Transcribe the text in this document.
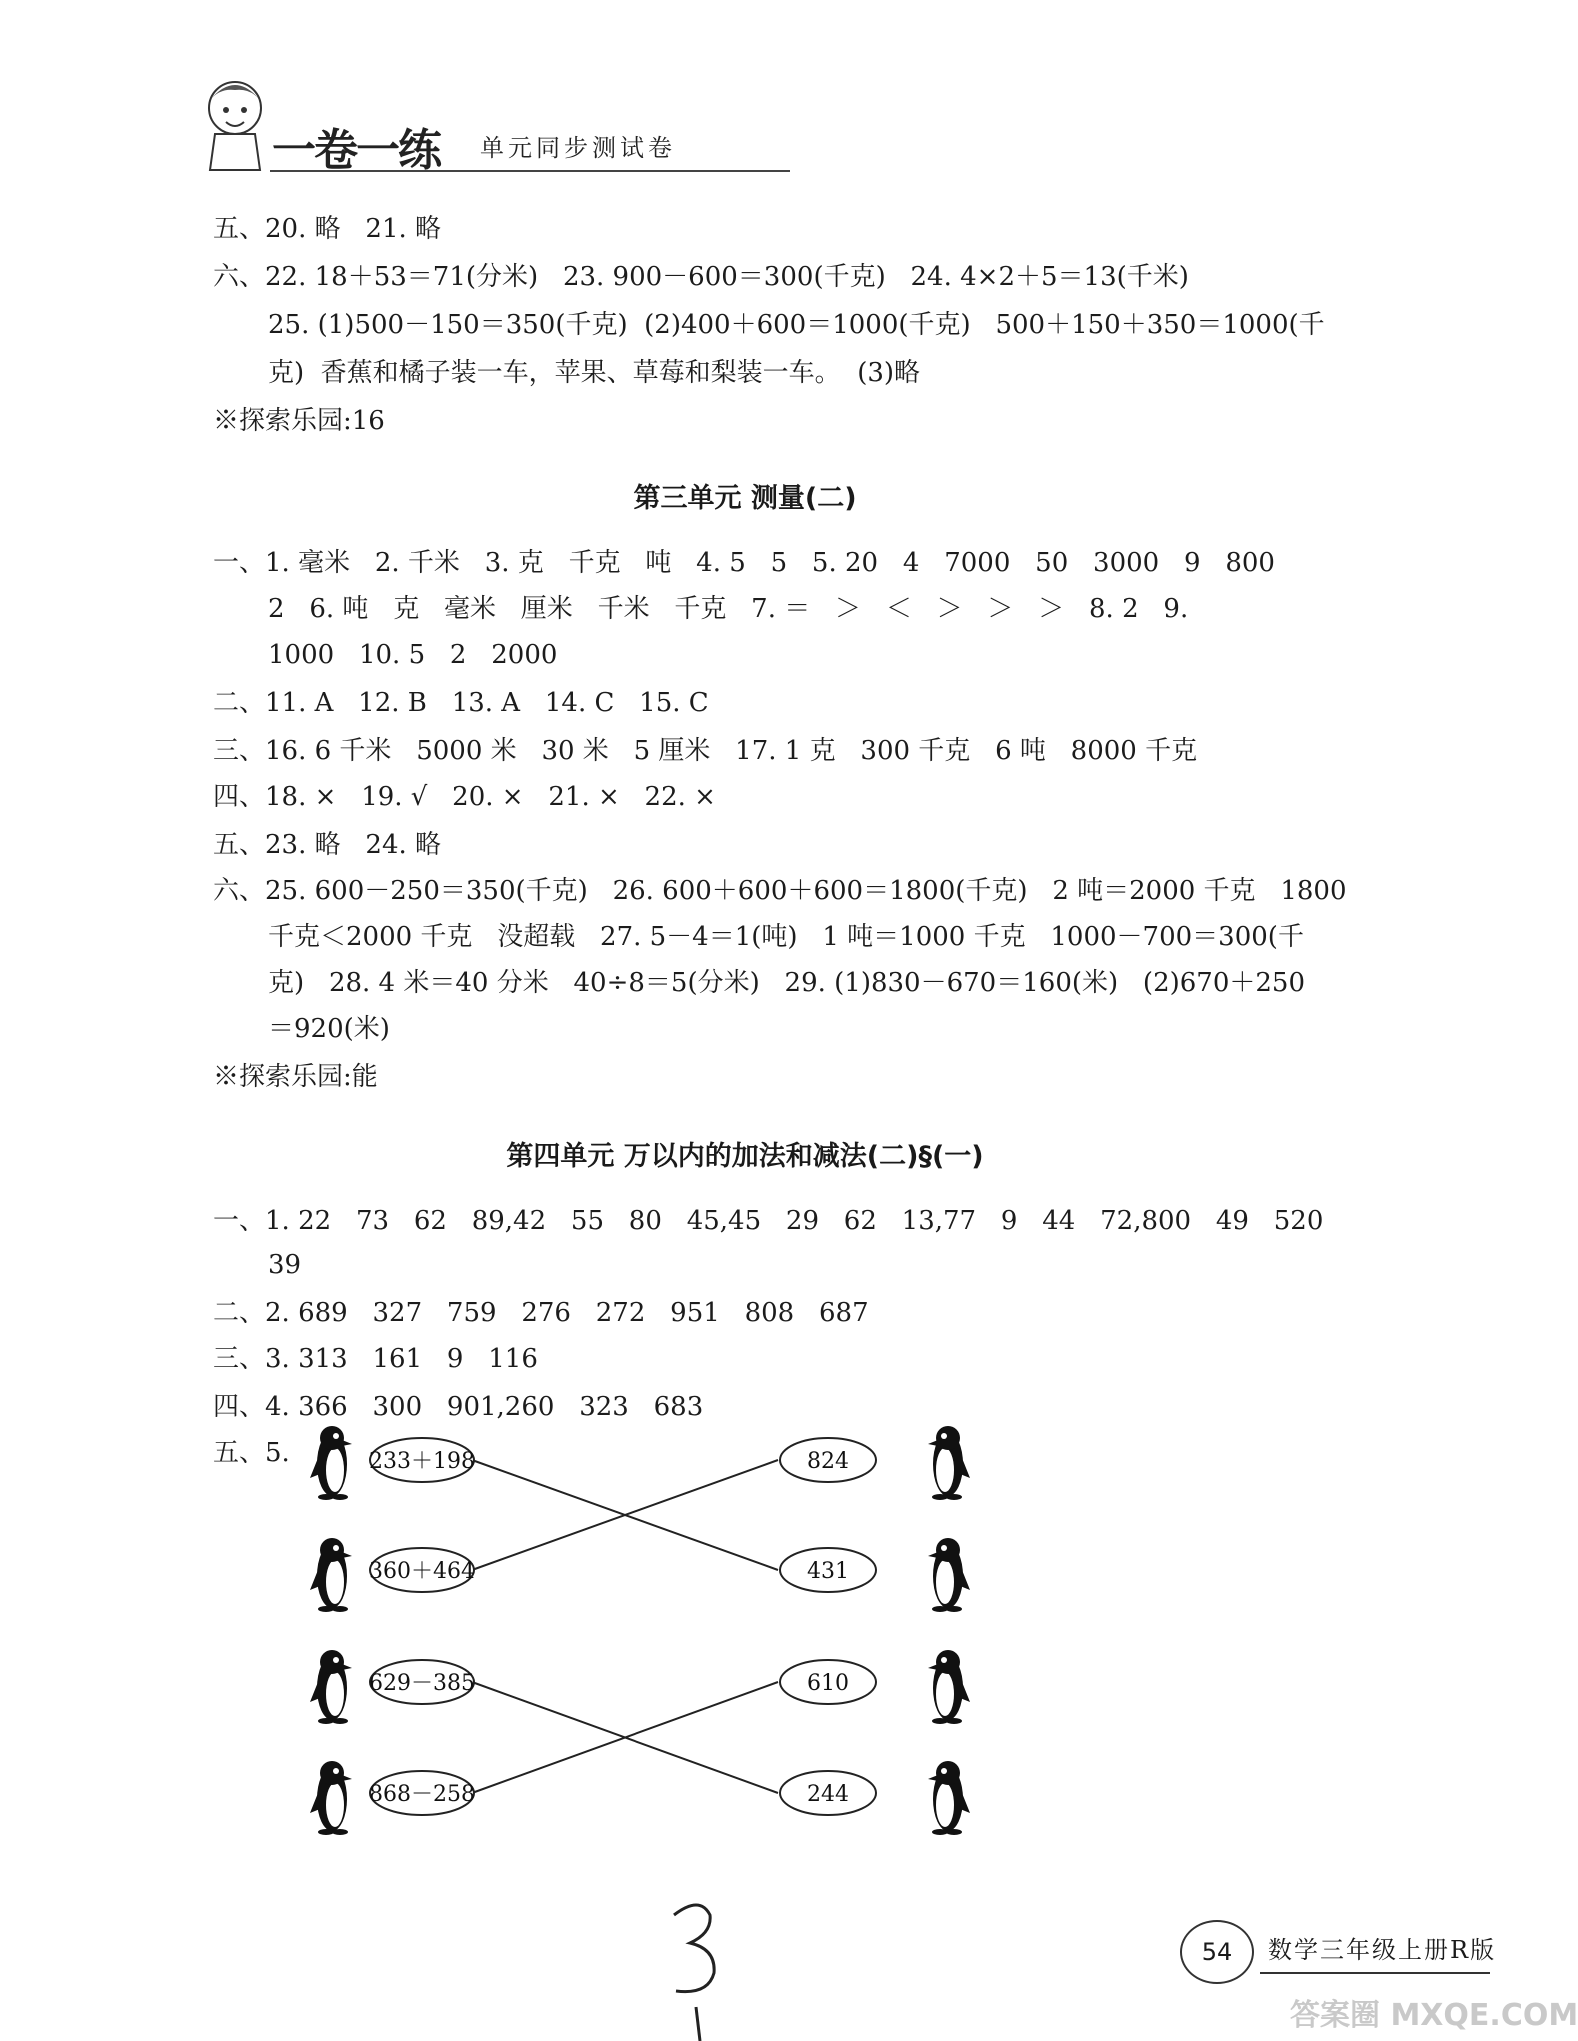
一卷一练 单元同步测试卷
五、20. 略   21. 略
六、22. 18＋53＝71(分米)   23. 900－600＝300(千克)   24. 4×2＋5＝13(千米)
25. (1)500－150＝350(千克)  (2)400＋600＝1000(千克)   500＋150＋350＝1000(千
克)  香蕉和橘子装一车，苹果、草莓和梨装一车。  (3)略
※探索乐园:16
第三单元 测量(二)
一、1. 毫米   2. 千米   3. 克   千克   吨   4. 5   5   5. 20   4   7000   50   3000   9   800
2   6. 吨   克   毫米   厘米   千米   千克   7. ＝   ＞   ＜   ＞   ＞   ＞   8. 2   9.
1000   10. 5   2   2000
二、11. A   12. B   13. A   14. C   15. C
三、16. 6 千米   5000 米   30 米   5 厘米   17. 1 克   300 千克   6 吨   8000 千克
四、18. ×   19. √   20. ×   21. ×   22. ×
五、23. 略   24. 略
六、25. 600－250＝350(千克)   26. 600＋600＋600＝1800(千克)   2 吨＝2000 千克   1800
千克＜2000 千克   没超载   27. 5－4＝1(吨)   1 吨＝1000 千克   1000－700＝300(千
克)   28. 4 米＝40 分米   40÷8＝5(分米)   29. (1)830－670＝160(米)   (2)670＋250
＝920(米)
※探索乐园:能
第四单元 万以内的加法和减法(二)§(一)
一、1. 22   73   62   89,42   55   80   45,45   29   62   13,77   9   44   72,800   49   520
39
二、2. 689   327   759   276   272   951   808   687
三、3. 313   161   9   116
四、4. 366   300   901,260   323   683
五、5.	233＋198
360＋464
629－385
868－258
824
431
610
244
54	数学三年级上册R版
答案圈 MXQE.COM
